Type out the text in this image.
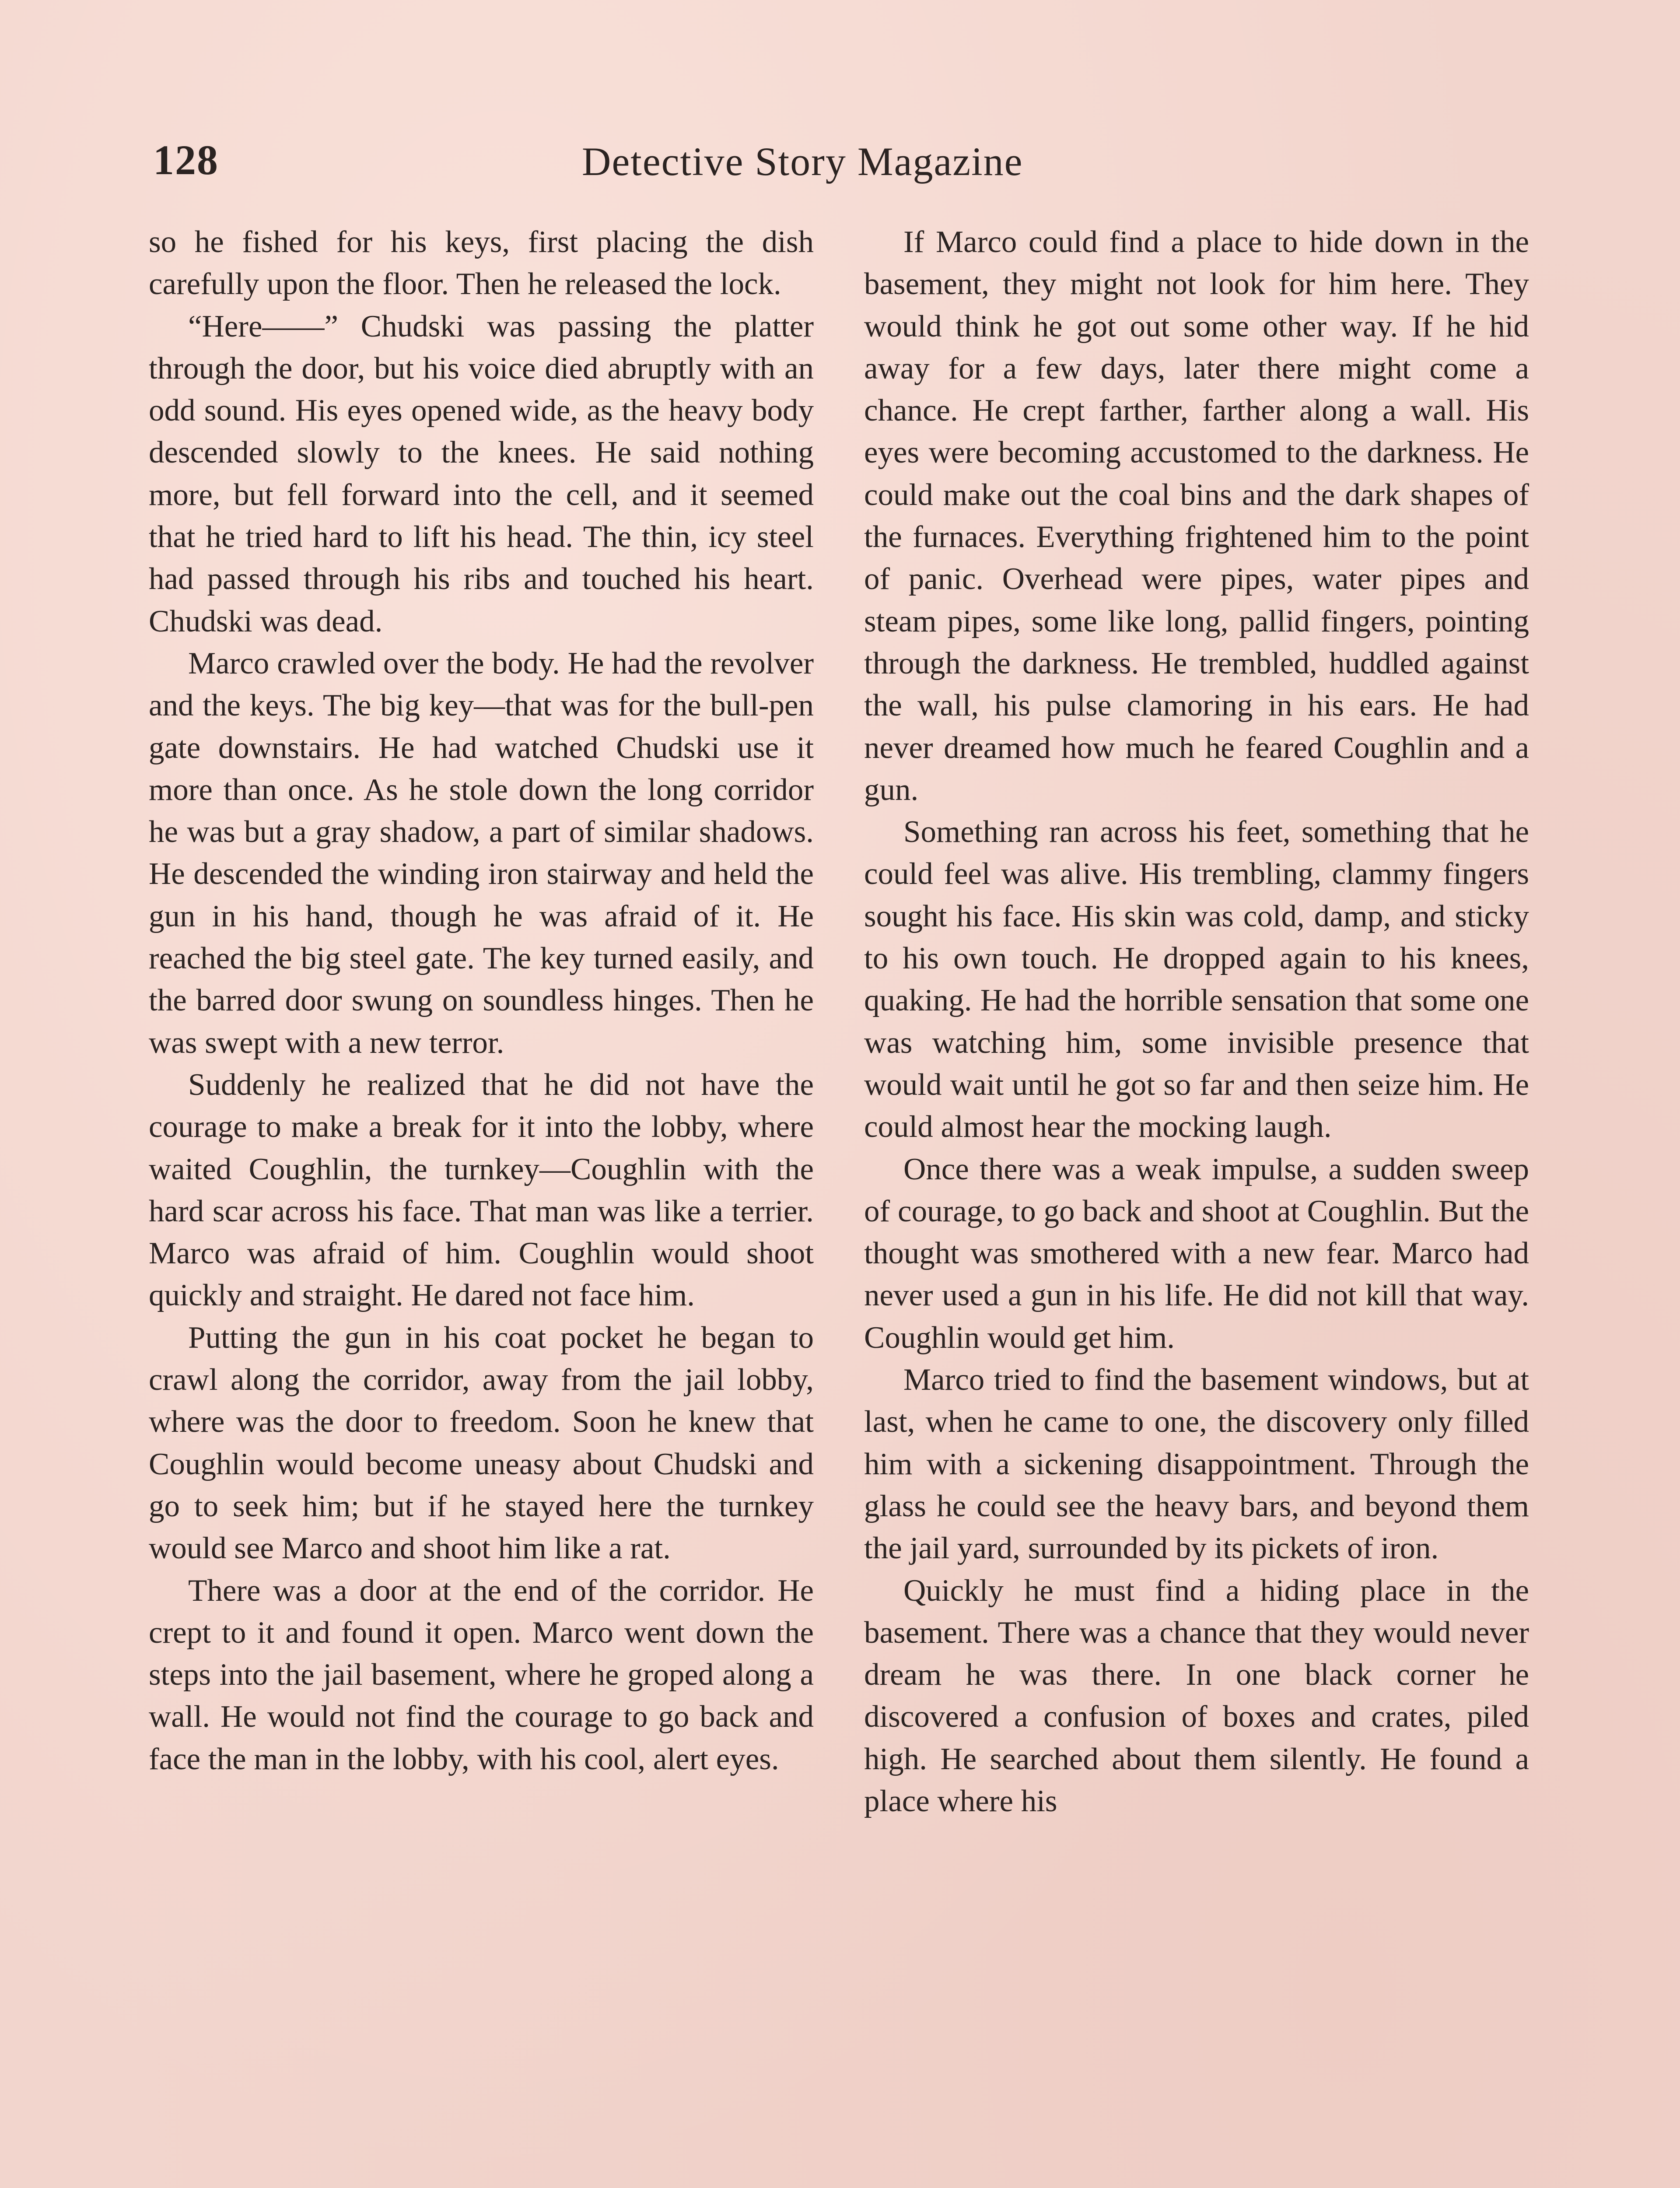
128	Detective Story Magazine

so he fished for his keys, first placing the dish carefully upon the floor. Then he released the lock.

“Here——” Chudski was passing the platter through the door, but his voice died abruptly with an odd sound. His eyes opened wide, as the heavy body descended slowly to the knees. He said nothing more, but fell forward into the cell, and it seemed that he tried hard to lift his head. The thin, icy steel had passed through his ribs and touched his heart. Chudski was dead.

Marco crawled over the body. He had the revolver and the keys. The big key—that was for the bull-pen gate downstairs. He had watched Chudski use it more than once. As he stole down the long corridor he was but a gray shadow, a part of similar shadows. He descended the winding iron stairway and held the gun in his hand, though he was afraid of it. He reached the big steel gate. The key turned easily, and the barred door swung on soundless hinges. Then he was swept with a new terror.

Suddenly he realized that he did not have the courage to make a break for it into the lobby, where waited Coughlin, the turnkey—Coughlin with the hard scar across his face. That man was like a terrier. Marco was afraid of him. Coughlin would shoot quickly and straight. He dared not face him.

Putting the gun in his coat pocket he began to crawl along the corridor, away from the jail lobby, where was the door to freedom. Soon he knew that Coughlin would become uneasy about Chudski and go to seek him; but if he stayed here the turnkey would see Marco and shoot him like a rat.

There was a door at the end of the corridor. He crept to it and found it open. Marco went down the steps into the jail basement, where he groped along a wall. He would not find the courage to go back and face the man in the lobby, with his cool, alert eyes.

If Marco could find a place to hide down in the basement, they might not look for him here. They would think he got out some other way. If he hid away for a few days, later there might come a chance. He crept farther, farther along a wall. His eyes were becoming accustomed to the darkness. He could make out the coal bins and the dark shapes of the furnaces. Everything frightened him to the point of panic. Overhead were pipes, water pipes and steam pipes, some like long, pallid fingers, pointing through the darkness. He trembled, huddled against the wall, his pulse clamoring in his ears. He had never dreamed how much he feared Coughlin and a gun.

Something ran across his feet, something that he could feel was alive. His trembling, clammy fingers sought his face. His skin was cold, damp, and sticky to his own touch. He dropped again to his knees, quaking. He had the horrible sensation that some one was watching him, some invisible presence that would wait until he got so far and then seize him. He could almost hear the mocking laugh.

Once there was a weak impulse, a sudden sweep of courage, to go back and shoot at Coughlin. But the thought was smothered with a new fear. Marco had never used a gun in his life. He did not kill that way. Coughlin would get him.

Marco tried to find the basement windows, but at last, when he came to one, the discovery only filled him with a sickening disappointment. Through the glass he could see the heavy bars, and beyond them the jail yard, surrounded by its pickets of iron.

Quickly he must find a hiding place in the basement. There was a chance that they would never dream he was there. In one black corner he discovered a confusion of boxes and crates, piled high. He searched about them silently. He found a place where his
